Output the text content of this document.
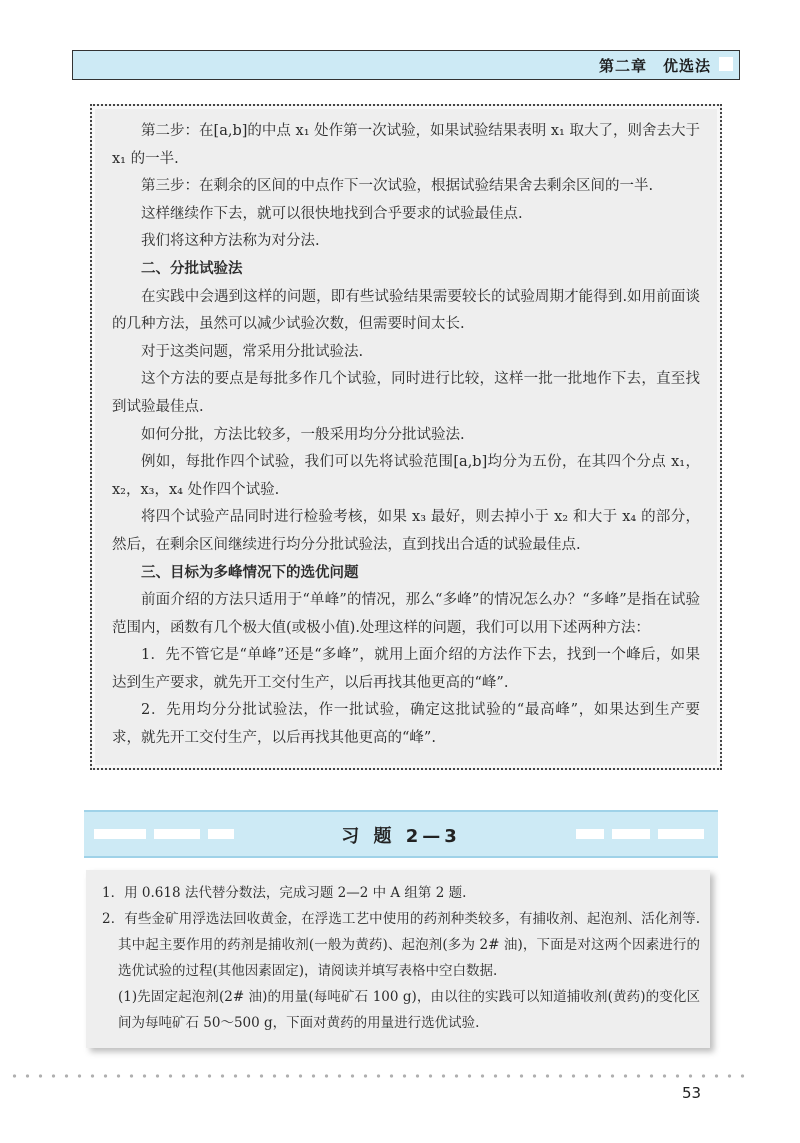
第二章　优选法

第二步：在[a,b]的中点 x₁ 处作第一次试验，如果试验结果表明 x₁ 取大了，则舍去大于 x₁ 的一半.

第三步：在剩余的区间的中点作下一次试验，根据试验结果舍去剩余区间的一半.

这样继续作下去，就可以很快地找到合乎要求的试验最佳点.

我们将这种方法称为对分法.

二、分批试验法

在实践中会遇到这样的问题，即有些试验结果需要较长的试验周期才能得到.如用前面谈的几种方法，虽然可以减少试验次数，但需要时间太长.

对于这类问题，常采用分批试验法.

这个方法的要点是每批多作几个试验，同时进行比较，这样一批一批地作下去，直至找到试验最佳点.

如何分批，方法比较多，一般采用均分分批试验法.

例如，每批作四个试验，我们可以先将试验范围[a,b]均分为五份，在其四个分点 x₁，x₂，x₃，x₄ 处作四个试验.

将四个试验产品同时进行检验考核，如果 x₃ 最好，则去掉小于 x₂ 和大于 x₄ 的部分，然后，在剩余区间继续进行均分分批试验法，直到找出合适的试验最佳点.

三、目标为多峰情况下的选优问题

前面介绍的方法只适用于“单峰”的情况，那么“多峰”的情况怎么办？“多峰”是指在试验范围内，函数有几个极大值(或极小值).处理这样的问题，我们可以用下述两种方法：

1．先不管它是“单峰”还是“多峰”，就用上面介绍的方法作下去，找到一个峰后，如果达到生产要求，就先开工交付生产，以后再找其他更高的“峰”.

2．先用均分分批试验法，作一批试验，确定这批试验的“最高峰”，如果达到生产要求，就先开工交付生产，以后再找其他更高的“峰”.

习 题 2—3

1．用 0.618 法代替分数法，完成习题 2—2 中 A 组第 2 题.

2．有些金矿用浮选法回收黄金，在浮选工艺中使用的药剂种类较多，有捕收剂、起泡剂、活化剂等.其中起主要作用的药剂是捕收剂(一般为黄药)、起泡剂(多为 2# 油)，下面是对这两个因素进行的选优试验的过程(其他因素固定)，请阅读并填写表格中空白数据.

(1)先固定起泡剂(2# 油)的用量(每吨矿石 100 g)，由以往的实践可以知道捕收剂(黄药)的变化区间为每吨矿石 50～500 g，下面对黄药的用量进行选优试验.

53
